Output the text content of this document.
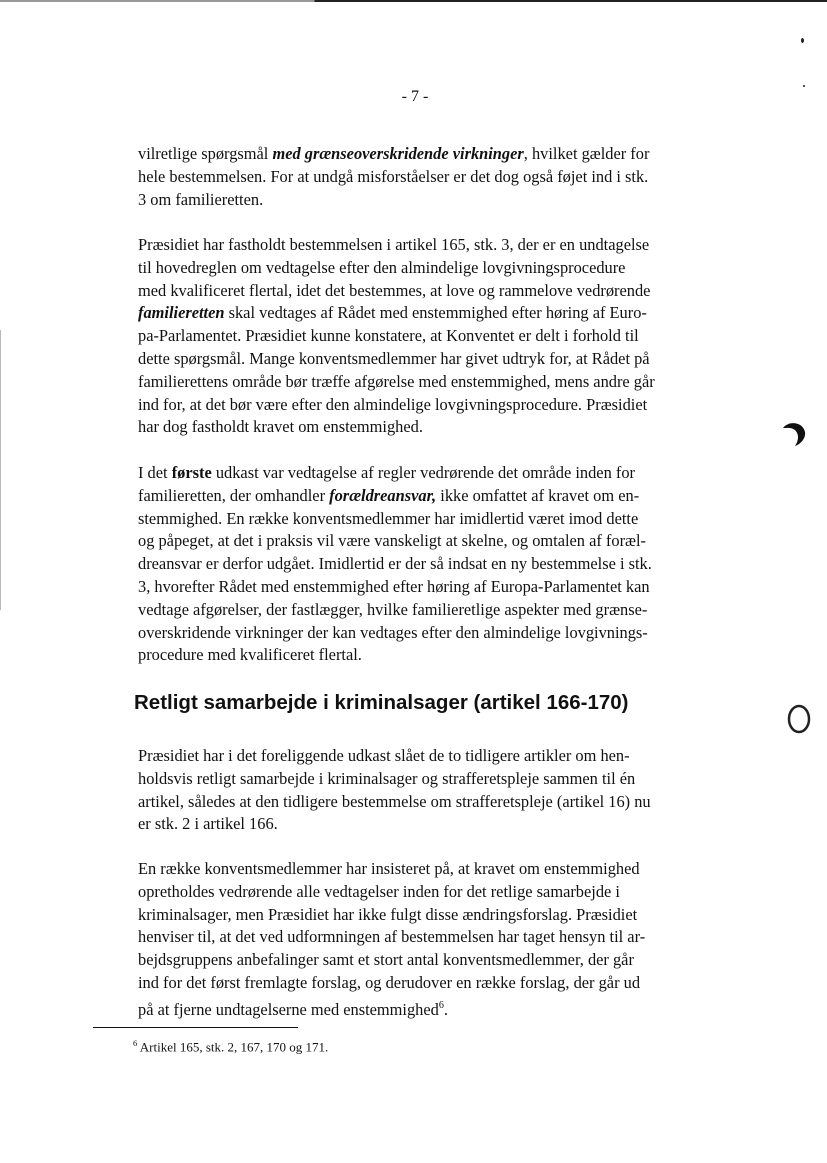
- 7 -

vilretlige spørgsmål med grænseoverskridende virkninger, hvilket gælder for
hele bestemmelsen. For at undgå misforståelser er det dog også føjet ind i stk.
3 om familieretten.

Præsidiet har fastholdt bestemmelsen i artikel 165, stk. 3, der er en undtagelse
til hovedreglen om vedtagelse efter den almindelige lovgivningsprocedure
med kvalificeret flertal, idet det bestemmes, at love og rammelove vedrørende
familieretten skal vedtages af Rådet med enstemmighed efter høring af Euro-
pa-Parlamentet. Præsidiet kunne konstatere, at Konventet er delt i forhold til
dette spørgsmål. Mange konventsmedlemmer har givet udtryk for, at Rådet på
familierettens område bør træffe afgørelse med enstemmighed, mens andre går
ind for, at det bør være efter den almindelige lovgivningsprocedure. Præsidiet
har dog fastholdt kravet om enstemmighed.

I det første udkast var vedtagelse af regler vedrørende det område inden for
familieretten, der omhandler forældreansvar, ikke omfattet af kravet om en-
stemmighed. En række konventsmedlemmer har imidlertid været imod dette
og påpeget, at det i praksis vil være vanskeligt at skelne, og omtalen af foræl-
dreansvar er derfor udgået. Imidlertid er der så indsat en ny bestemmelse i stk.
3, hvorefter Rådet med enstemmighed efter høring af Europa-Parlamentet kan
vedtage afgørelser, der fastlægger, hvilke familieretlige aspekter med grænse-
overskridende virkninger der kan vedtages efter den almindelige lovgivnings-
procedure med kvalificeret flertal.

Retligt samarbejde i kriminalsager (artikel 166-170)

Præsidiet har i det foreliggende udkast slået de to tidligere artikler om hen-
holdsvis retligt samarbejde i kriminalsager og strafferetspleje sammen til én
artikel, således at den tidligere bestemmelse om strafferetspleje (artikel 16) nu
er stk. 2 i artikel 166.

En række konventsmedlemmer har insisteret på, at kravet om enstemmighed
opretholdes vedrørende alle vedtagelser inden for det retlige samarbejde i
kriminalsager, men Præsidiet har ikke fulgt disse ændringsforslag. Præsidiet
henviser til, at det ved udformningen af bestemmelsen har taget hensyn til ar-
bejdsgruppens anbefalinger samt et stort antal konventsmedlemmer, der går
ind for det først fremlagte forslag, og derudover en række forslag, der går ud
på at fjerne undtagelserne med enstemmighed$^6$.

$^6$ Artikel 165, stk. 2, 167, 170 og 171.
